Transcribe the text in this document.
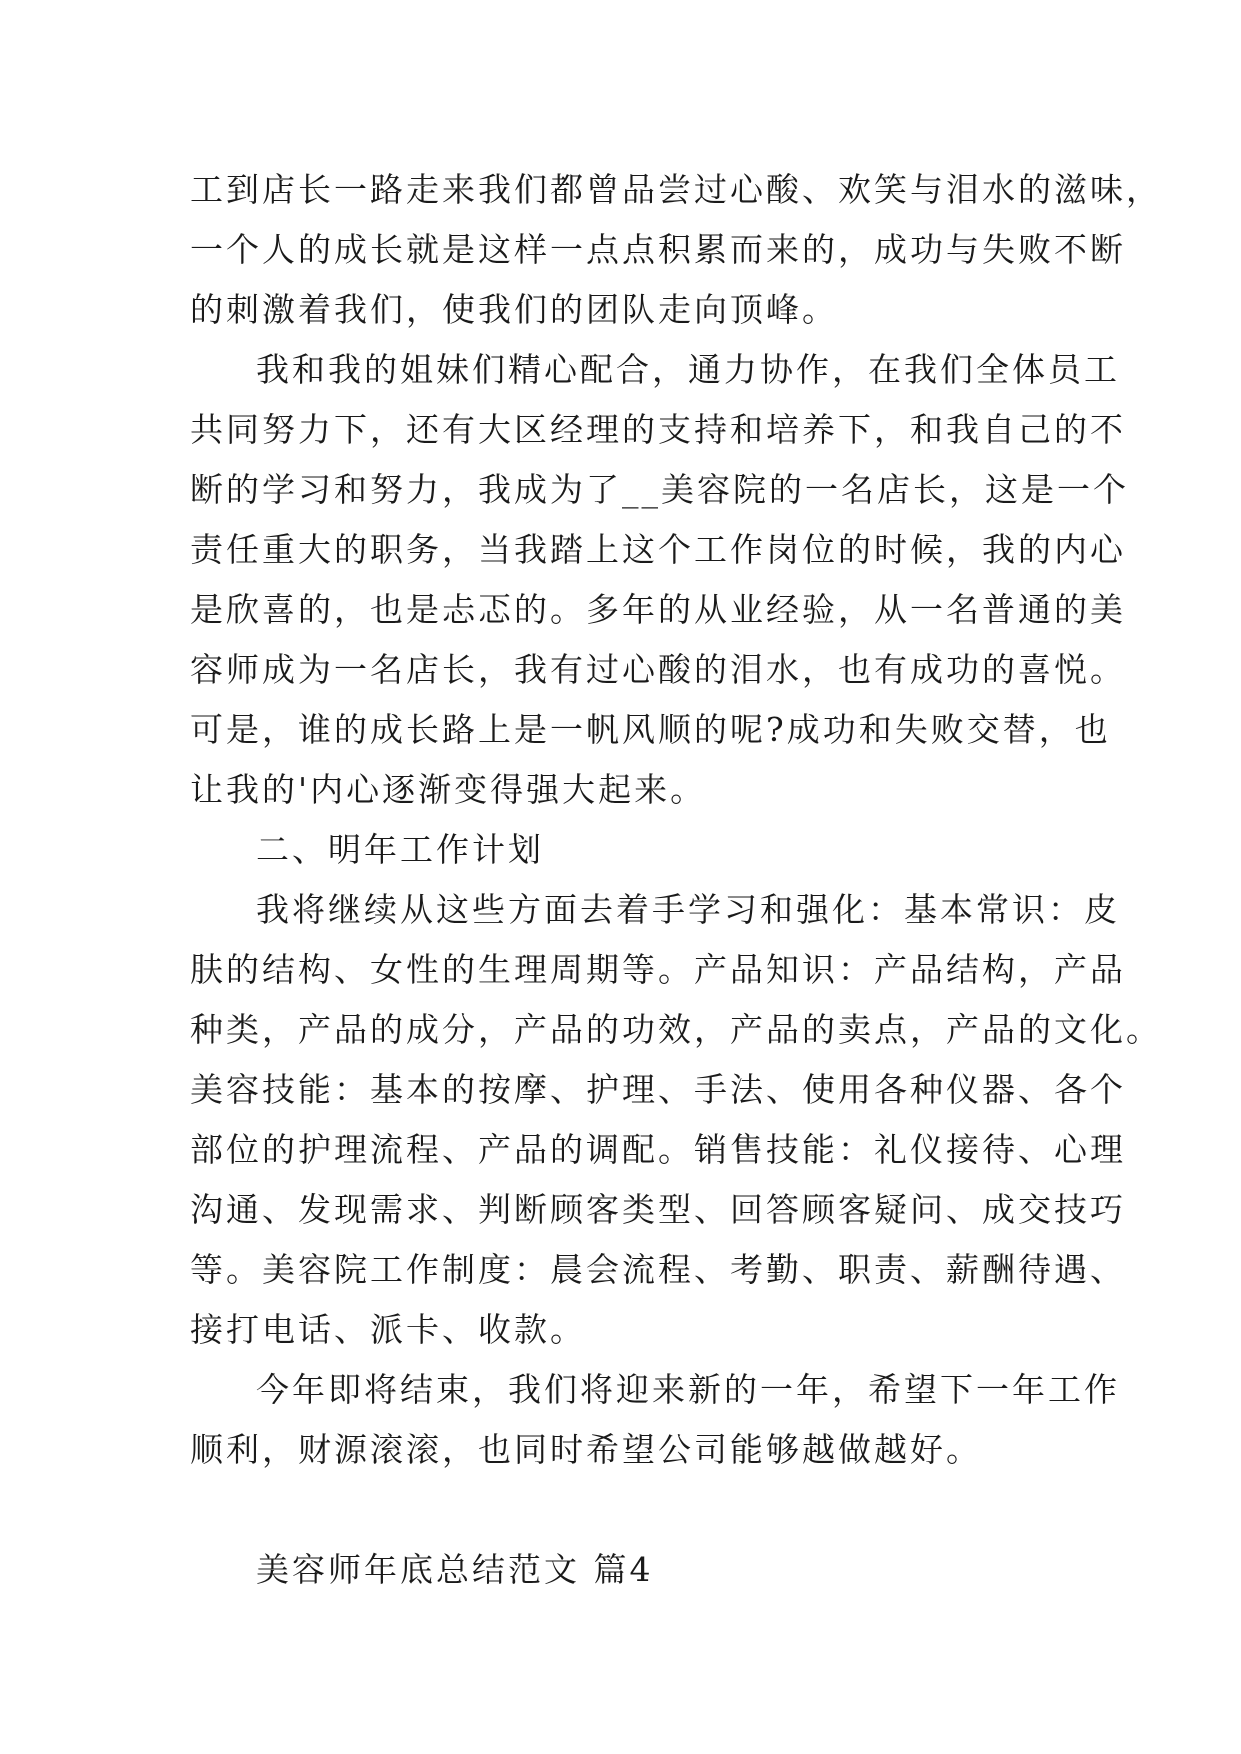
工到店长一路走来我们都曾品尝过心酸、欢笑与泪水的滋味，
一个人的成长就是这样一点点积累而来的，成功与失败不断
的刺激着我们，使我们的团队走向顶峰。
我和我的姐妹们精心配合，通力协作，在我们全体员工
共同努力下，还有大区经理的支持和培养下，和我自己的不
断的学习和努力，我成为了__美容院的一名店长，这是一个
责任重大的职务，当我踏上这个工作岗位的时候，我的内心
是欣喜的，也是忐忑的。多年的从业经验，从一名普通的美
容师成为一名店长，我有过心酸的泪水，也有成功的喜悦。
可是，谁的成长路上是一帆风顺的呢?成功和失败交替，也
让我的'内心逐渐变得强大起来。
二、明年工作计划
我将继续从这些方面去着手学习和强化：基本常识：皮
肤的结构、女性的生理周期等。产品知识：产品结构，产品
种类，产品的成分，产品的功效，产品的卖点，产品的文化。
美容技能：基本的按摩、护理、手法、使用各种仪器、各个
部位的护理流程、产品的调配。销售技能：礼仪接待、心理
沟通、发现需求、判断顾客类型、回答顾客疑问、成交技巧
等。美容院工作制度：晨会流程、考勤、职责、薪酬待遇、
接打电话、派卡、收款。
今年即将结束，我们将迎来新的一年，希望下一年工作
顺利，财源滚滚，也同时希望公司能够越做越好。
美容师年底总结范文 篇4
